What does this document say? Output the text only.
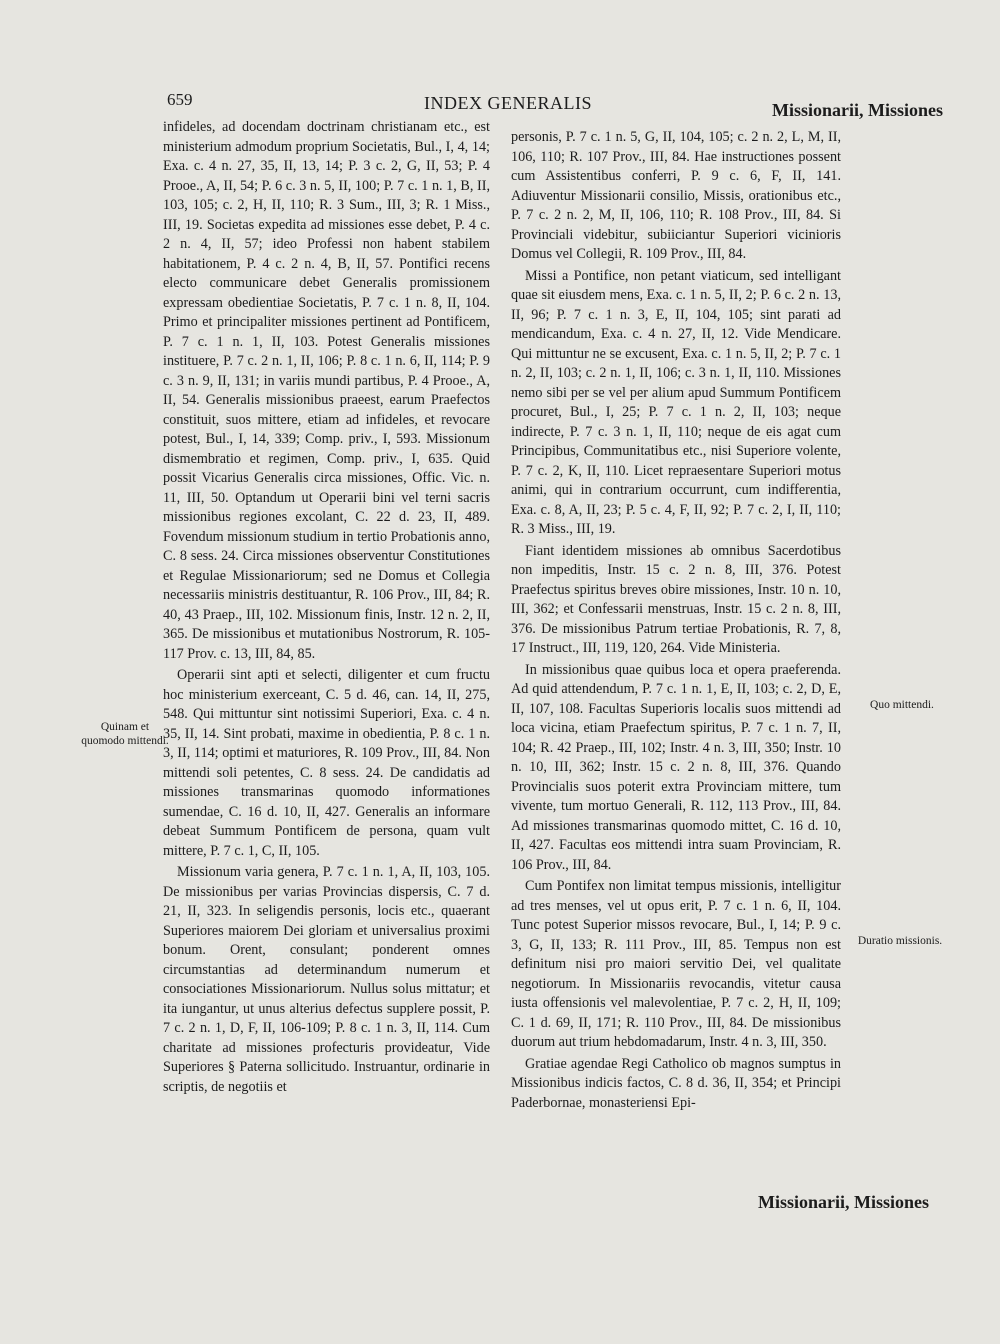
659	INDEX GENERALIS	Missionarii, Missiones
Quinam et quomodo mittendi.
Quo mittendi.
Duratio missionis.

infideles, ad docendam doctrinam christianam etc., est ministerium admodum proprium Societatis, Bul., I, 4, 14; Exa. c. 4 n. 27, 35, II, 13, 14; P. 3 c. 2, G, II, 53; P. 4 Prooe., A, II, 54; P. 6 c. 3 n. 5, II, 100; P. 7 c. 1 n. 1, B, II, 103, 105; c. 2, H, II, 110; R. 3 Sum., III, 3; R. 1 Miss., III, 19. Societas expedita ad missiones esse debet, P. 4 c. 2 n. 4, II, 57; ideo Professi non habent stabilem habitationem, P. 4 c. 2 n. 4, B, II, 57. Pontifici recens electo communicare debet Generalis promissionem expressam obedientiae Societatis, P. 7 c. 1 n. 8, II, 104. Primo et principaliter missiones pertinent ad Pontificem, P. 7 c. 1 n. 1, II, 103. Potest Generalis missiones instituere, P. 7 c. 2 n. 1, II, 106; P. 8 c. 1 n. 6, II, 114; P. 9 c. 3 n. 9, II, 131; in variis mundi partibus, P. 4 Prooe., A, II, 54. Generalis missionibus praeest, earum Praefectos constituit, suos mittere, etiam ad infideles, et revocare potest, Bul., I, 14, 339; Comp. priv., I, 593. Missionum dismembratio et regimen, Comp. priv., I, 635. Quid possit Vicarius Generalis circa missiones, Offic. Vic. n. 11, III, 50. Optandum ut Operarii bini vel terni sacris missionibus regiones excolant, C. 22 d. 23, II, 489. Fovendum missionum studium in tertio Probationis anno, C. 8 sess. 24. Circa missiones observentur Constitutiones et Regulae Missionariorum; sed ne Domus et Collegia necessariis ministris destituantur, R. 106 Prov., III, 84; R. 40, 43 Praep., III, 102. Missionum finis, Instr. 12 n. 2, II, 365. De missionibus et mutationibus Nostrorum, R. 105-117 Prov. c. 13, III, 84, 85.

Operarii sint apti et selecti, diligenter et cum fructu hoc ministerium exerceant, C. 5 d. 46, can. 14, II, 275, 548. Qui mittuntur sint notissimi Superiori, Exa. c. 4 n. 35, II, 14. Sint probati, maxime in obedientia, P. 8 c. 1 n. 3, II, 114; optimi et maturiores, R. 109 Prov., III, 84. Non mittendi soli petentes, C. 8 sess. 24. De candidatis ad missiones transmarinas quomodo informationes sumendae, C. 16 d. 10, II, 427. Generalis an informare debeat Summum Pontificem de persona, quam vult mittere, P. 7 c. 1, C, II, 105.

Missionum varia genera, P. 7 c. 1 n. 1, A, II, 103, 105. De missionibus per varias Provincias dispersis, C. 7 d. 21, II, 323. In seligendis personis, locis etc., quaerant Superiores maiorem Dei gloriam et universalius proximi bonum. Orent, consulant; ponderent omnes circumstantias ad determinandum numerum et consociationes Missionariorum. Nullus solus mittatur; et ita iungantur, ut unus alterius defectus supplere possit, P. 7 c. 2 n. 1, D, F, II, 106-109; P. 8 c. 1 n. 3, II, 114. Cum charitate ad missiones profecturis provideatur, Vide Superiores § Paterna sollicitudo. Instruantur, ordinarie in scriptis, de negotiis et

personis, P. 7 c. 1 n. 5, G, II, 104, 105; c. 2 n. 2, L, M, II, 106, 110; R. 107 Prov., III, 84. Hae instructiones possent cum Assistentibus conferri, P. 9 c. 6, F, II, 141. Adiuventur Missionarii consilio, Missis, orationibus etc., P. 7 c. 2 n. 2, M, II, 106, 110; R. 108 Prov., III, 84. Si Provinciali videbitur, subiiciantur Superiori vicinioris Domus vel Collegii, R. 109 Prov., III, 84.

Missi a Pontifice, non petant viaticum, sed intelligant quae sit eiusdem mens, Exa. c. 1 n. 5, II, 2; P. 6 c. 2 n. 13, II, 96; P. 7 c. 1 n. 3, E, II, 104, 105; sint parati ad mendicandum, Exa. c. 4 n. 27, II, 12. Vide Mendicare. Qui mittuntur ne se excusent, Exa. c. 1 n. 5, II, 2; P. 7 c. 1 n. 2, II, 103; c. 2 n. 1, II, 106; c. 3 n. 1, II, 110. Missiones nemo sibi per se vel per alium apud Summum Pontificem procuret, Bul., I, 25; P. 7 c. 1 n. 2, II, 103; neque indirecte, P. 7 c. 3 n. 1, II, 110; neque de eis agat cum Principibus, Communitatibus etc., nisi Superiore volente, P. 7 c. 2, K, II, 110. Licet repraesentare Superiori motus animi, qui in contrarium occurrunt, cum indifferentia, Exa. c. 8, A, II, 23; P. 5 c. 4, F, II, 92; P. 7 c. 2, I, II, 110; R. 3 Miss., III, 19.

Fiant identidem missiones ab omnibus Sacerdotibus non impeditis, Instr. 15 c. 2 n. 8, III, 376. Potest Praefectus spiritus breves obire missiones, Instr. 10 n. 10, III, 362; et Confessarii menstruas, Instr. 15 c. 2 n. 8, III, 376. De missionibus Patrum tertiae Probationis, R. 7, 8, 17 Instruct., III, 119, 120, 264. Vide Ministeria.

In missionibus quae quibus loca et opera praeferenda. Ad quid attendendum, P. 7 c. 1 n. 1, E, II, 103; c. 2, D, E, II, 107, 108. Facultas Superioris localis suos mittendi ad loca vicina, etiam Praefectum spiritus, P. 7 c. 1 n. 7, II, 104; R. 42 Praep., III, 102; Instr. 4 n. 3, III, 350; Instr. 10 n. 10, III, 362; Instr. 15 c. 2 n. 8, III, 376. Quando Provincialis suos poterit extra Provinciam mittere, tum vivente, tum mortuo Generali, R. 112, 113 Prov., III, 84. Ad missiones transmarinas quomodo mittet, C. 16 d. 10, II, 427. Facultas eos mittendi intra suam Provinciam, R. 106 Prov., III, 84.

Cum Pontifex non limitat tempus missionis, intelligitur ad tres menses, vel ut opus erit, P. 7 c. 1 n. 6, II, 104. Tunc potest Superior missos revocare, Bul., I, 14; P. 9 c. 3, G, II, 133; R. 111 Prov., III, 85. Tempus non est definitum nisi pro maiori servitio Dei, vel qualitate negotiorum. In Missionariis revocandis, vitetur causa iusta offensionis vel malevolentiae, P. 7 c. 2, H, II, 109; C. 1 d. 69, II, 171; R. 110 Prov., III, 84. De missionibus duorum aut trium hebdomadarum, Instr. 4 n. 3, III, 350.

Gratiae agendae Regi Catholico ob magnos sumptus in Missionibus indicis factos, C. 8 d. 36, II, 354; et Principi Paderbornae, monasteriensi Epi-

Missionarii, Missiones
